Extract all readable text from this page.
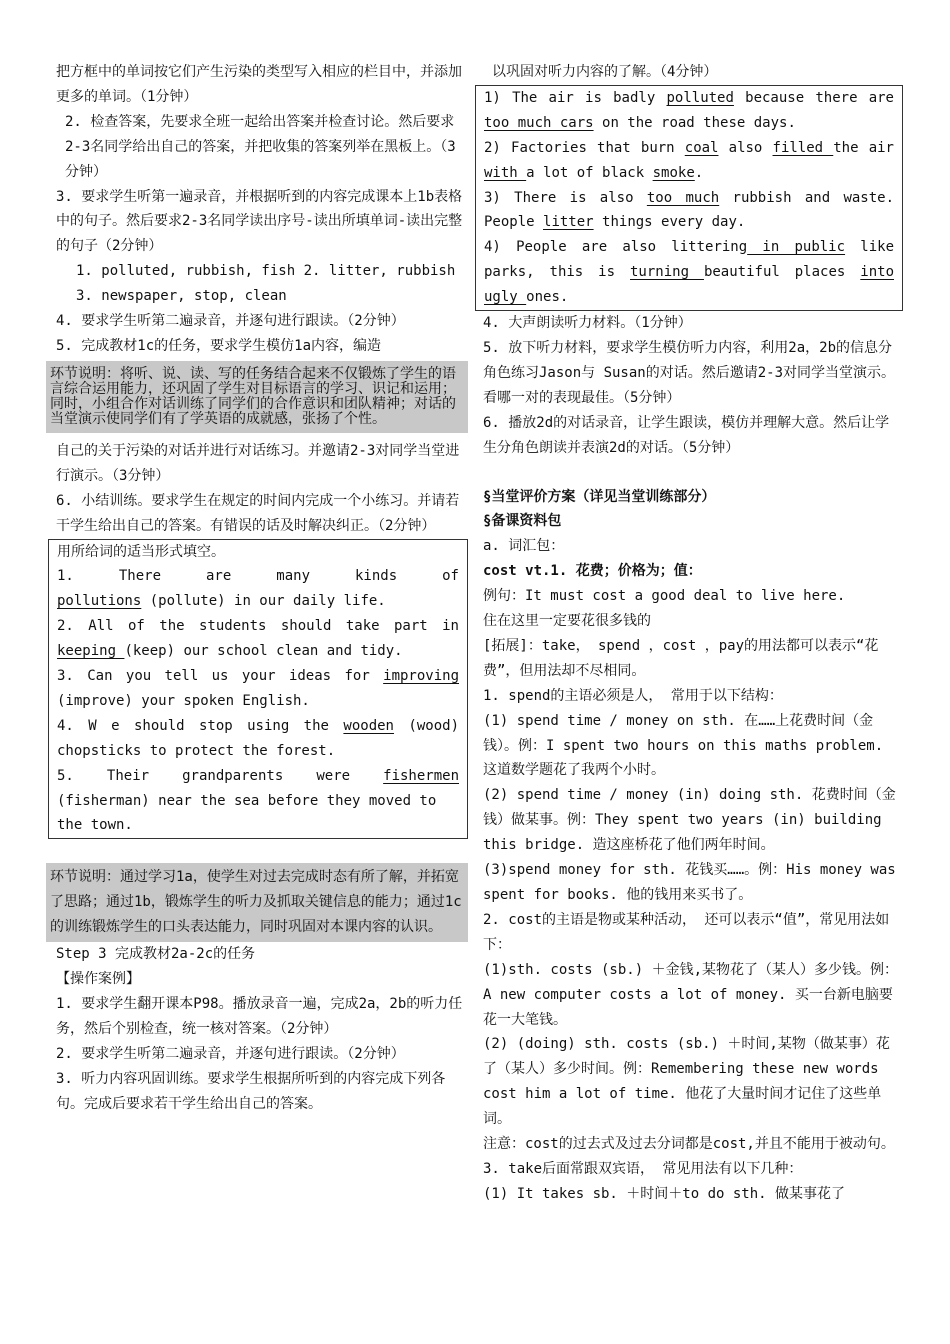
把方框中的单词按它们产生污染的类型写入相应的栏目中，并添加更多的单词。（1分钟）

2. 检查答案，先要求全班一起给出答案并检查讨论。然后要求2-3名同学给出自己的答案，并把收集的答案列举在黑板上。（3分钟）

3. 要求学生听第一遍录音，并根据听到的内容完成课本上1b表格中的句子。然后要求2-3名同学读出序号-读出所填单词-读出完整的句子（2分钟）

1. polluted, rubbish, fish 2. litter, rubbish

3. newspaper, stop, clean

4. 要求学生听第二遍录音，并逐句进行跟读。（2分钟）

5. 完成教材1c的任务，要求学生模仿1a内容，编造

环节说明：将听、说、读、写的任务结合起来不仅锻炼了学生的语言综合运用能力，还巩固了学生对目标语言的学习、识记和运用；同时，小组合作对话训练了同学们的合作意识和团队精神；对话的当堂演示使同学们有了学英语的成就感，张扬了个性。

自己的关于污染的对话并进行对话练习。并邀请2-3对同学当堂进行演示。（3分钟）

6. 小结训练。要求学生在规定的时间内完成一个小练习。并请若干学生给出自己的答案。有错误的话及时解决纠正。（2分钟）

用所给词的适当形式填空。

1. There are many kinds of

pollutions (pollute) in our daily life.

2. All of the students should take part in

keeping (keep) our school clean and tidy.

3. Can you tell us your ideas for improving

(improve) your spoken English.

4. W e should stop using the wooden (wood)

chopsticks to protect the forest.

5. Their grandparents were fishermen

(fisherman) near the sea before they moved to the town.

环节说明：通过学习1a，使学生对过去完成时态有所了解，并拓宽了思路；通过1b，锻炼学生的听力及抓取关键信息的能力；通过1c的训练锻炼学生的口头表达能力，同时巩固对本课内容的认识。

Step 3 完成教材2a-2c的任务

【操作案例】

1. 要求学生翻开课本P98。播放录音一遍，完成2a，2b的听力任务，然后个别检查，统一核对答案。（2分钟）

2. 要求学生听第二遍录音，并逐句进行跟读。（2分钟）

3. 听力内容巩固训练。要求学生根据所听到的内容完成下列各句。完成后要求若干学生给出自己的答案。

以巩固对听力内容的了解。（4分钟）

1) The air is badly polluted because there are

too much cars on the road these days.

2) Factories that burn coal also filled the air

with a lot of black smoke.

3) There is also too much rubbish and waste.

People litter things every day.

4) People are also littering in public like

parks, this is turning beautiful places into

ugly ones.

4. 大声朗读听力材料。（1分钟）

5. 放下听力材料，要求学生模仿听力内容，利用2a，2b的信息分角色练习Jason与 Susan的对话。然后邀请2-3对同学当堂演示。看哪一对的表现最佳。（5分钟）

6. 播放2d的对话录音，让学生跟读，模仿并理解大意。然后让学生分角色朗读并表演2d的对话。（5分钟）

§当堂评价方案（详见当堂训练部分）

§备课资料包

a. 词汇包：

cost vt.1. 花费；价格为；值：

例句：It must cost a good deal to live here.

住在这里一定要花很多钱的

[拓展]：take， spend ，cost ，pay的用法都可以表示“花费”，但用法却不尽相同。

1. spend的主语必须是人， 常用于以下结构：

(1) spend time / money on sth. 在……上花费时间（金钱）。例：I spent two hours on this maths problem. 这道数学题花了我两个小时。

(2) spend time / money (in) doing sth. 花费时间（金钱）做某事。例：They spent two years (in) building this bridge. 造这座桥花了他们两年时间。

(3)spend money for sth. 花钱买……。例：His money was spent for books. 他的钱用来买书了。

2. cost的主语是物或某种活动， 还可以表示“值”，常见用法如下：

(1)sth. costs (sb.) ＋金钱,某物花了（某人）多少钱。例：A new computer costs a lot of money. 买一台新电脑要花一大笔钱。

(2) (doing) sth. costs (sb.) ＋时间,某物（做某事）花了（某人）多少时间。例：Remembering these new words cost him a lot of time. 他花了大量时间才记住了这些单词。

注意：cost的过去式及过去分词都是cost,并且不能用于被动句。

3. take后面常跟双宾语， 常见用法有以下几种：

(1) It takes sb. ＋时间＋to do sth. 做某事花了
